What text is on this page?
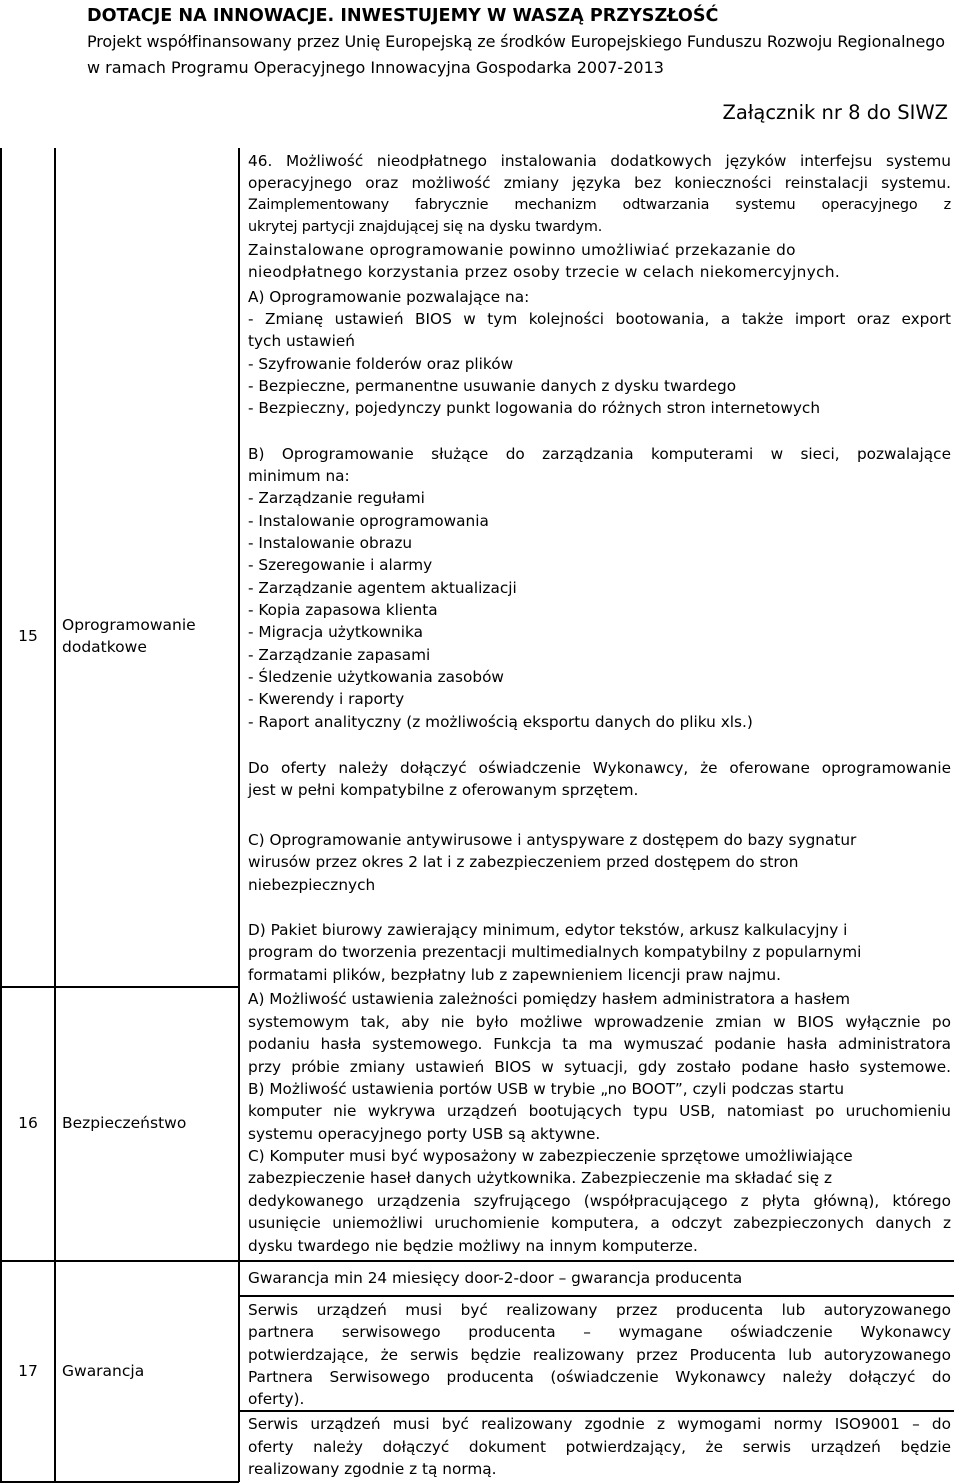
DOTACJE NA INNOWACJE. INWESTUJEMY W WASZĄ PRZYSZŁOŚĆ
Projekt współfinansowany przez Unię Europejską ze środków Europejskiego Funduszu Rozwoju Regionalnego
w ramach Programu Operacyjnego Innowacyjna Gospodarka 2007-2013
Załącznik nr 8 do SIWZ
15
Oprogramowanie
dodatkowe
46. Możliwość nieodpłatnego instalowania dodatkowych języków interfejsu systemu
operacyjnego oraz możliwość zmiany języka bez konieczności reinstalacji systemu.
Zaimplementowany fabrycznie mechanizm odtwarzania systemu operacyjnego z
ukrytej partycji znajdującej się na dysku twardym.
Zainstalowane oprogramowanie powinno umożliwiać przekazanie do
nieodpłatnego korzystania przez osoby trzecie w celach niekomercyjnych.
A) Oprogramowanie pozwalające na:
- Zmianę ustawień BIOS w tym kolejności bootowania, a także import oraz export
tych ustawień
- Szyfrowanie folderów oraz plików
- Bezpieczne, permanentne usuwanie danych z dysku twardego
- Bezpieczny, pojedynczy punkt logowania do różnych stron internetowych
B) Oprogramowanie służące do zarządzania komputerami w sieci, pozwalające
minimum na:
- Zarządzanie regułami
- Instalowanie oprogramowania
- Instalowanie obrazu
- Szeregowanie i alarmy
- Zarządzanie agentem aktualizacji
- Kopia zapasowa klienta
- Migracja użytkownika
- Zarządzanie zapasami
- Śledzenie użytkowania zasobów
- Kwerendy i raporty
- Raport analityczny (z możliwością eksportu danych do pliku xls.)
Do oferty należy dołączyć oświadczenie Wykonawcy, że oferowane oprogramowanie
jest w pełni kompatybilne z oferowanym sprzętem.
C) Oprogramowanie antywirusowe i antyspyware z dostępem do bazy sygnatur
wirusów przez okres 2 lat i z zabezpieczeniem przed dostępem do stron
niebezpiecznych
D) Pakiet biurowy zawierający minimum, edytor tekstów, arkusz kalkulacyjny i
program do tworzenia prezentacji multimedialnych kompatybilny z popularnymi
formatami plików, bezpłatny lub z zapewnieniem licencji praw najmu.
16	Bezpieczeństwo
A) Możliwość ustawienia zależności pomiędzy hasłem administratora a hasłem
systemowym tak, aby nie było możliwe wprowadzenie zmian w BIOS wyłącznie po
podaniu hasła systemowego. Funkcja ta ma wymuszać podanie hasła administratora
przy próbie zmiany ustawień BIOS w sytuacji, gdy zostało podane hasło systemowe.
B) Możliwość ustawienia portów USB w trybie „no BOOT”, czyli podczas startu
komputer nie wykrywa urządzeń bootujących typu USB, natomiast po uruchomieniu
systemu operacyjnego porty USB są aktywne.
C) Komputer musi być wyposażony w zabezpieczenie sprzętowe umożliwiające
zabezpieczenie haseł danych użytkownika. Zabezpieczenie ma składać się z
dedykowanego urządzenia szyfrującego (współpracującego z płyta główną), którego
usunięcie uniemożliwi uruchomienie komputera, a odczyt zabezpieczonych danych z
dysku twardego nie będzie możliwy na innym komputerze.
17	Gwarancja
Gwarancja min 24 miesięcy door-2-door – gwarancja producenta
Serwis urządzeń musi być realizowany przez producenta lub autoryzowanego
partnera serwisowego producenta – wymagane oświadczenie Wykonawcy
potwierdzające, że serwis będzie realizowany przez Producenta lub autoryzowanego
Partnera Serwisowego producenta (oświadczenie Wykonawcy należy dołączyć do
oferty).
Serwis urządzeń musi być realizowany zgodnie z wymogami normy ISO9001 – do
oferty należy dołączyć dokument potwierdzający, że serwis urządzeń będzie
realizowany zgodnie z tą normą.
